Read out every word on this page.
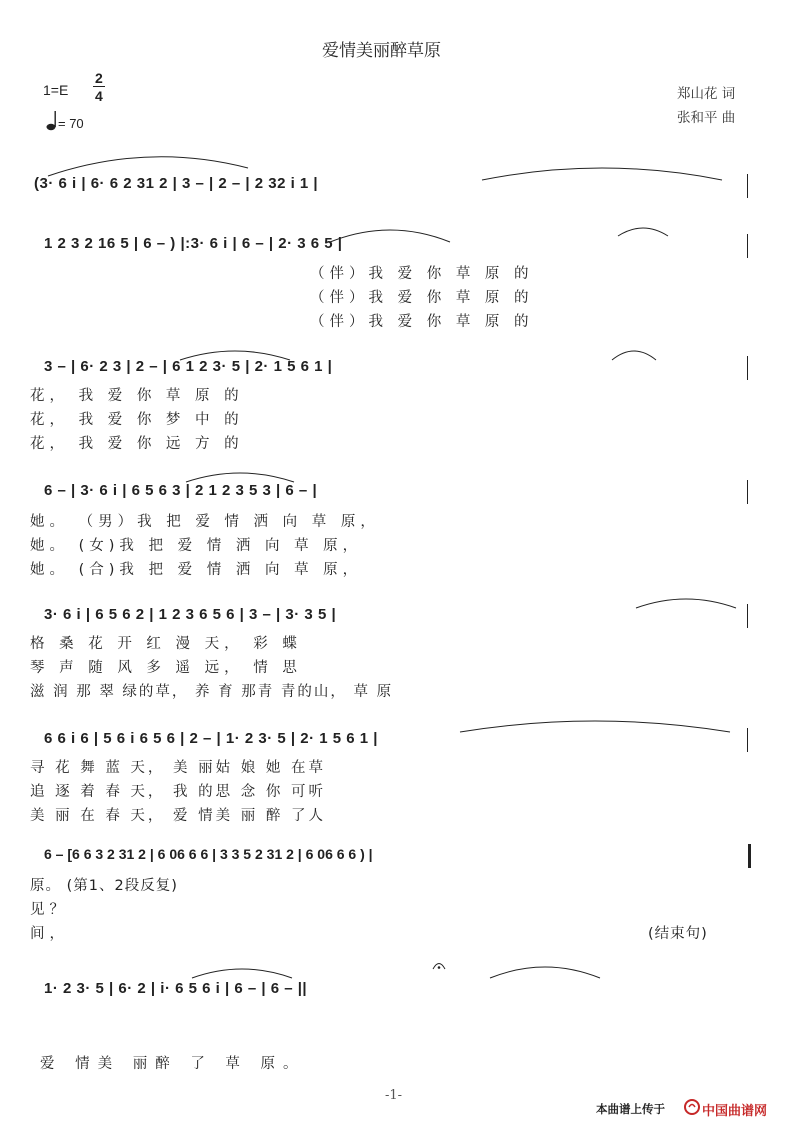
爱情美丽醉草原
1=E
2
4
= 70
郑山花 词
张和平 曲
(3· 6 i | 6· 6 2 31 2 | 3 – | 2 – | 2 32 i 1 |
1 2 3 2 16 5 | 6 – ) |:3· 6 i | 6 – | 2· 3 6 5 |
（伴）我 爱 你 草 原 的
（伴）我 爱 你 草 原 的
（伴）我 爱 你 草 原 的
3 – | 6· 2 3 | 2 – | 6 1 2 3· 5 | 2· 1 5 6 1 |
花， 我 爱 你 草 原 的
花， 我 爱 你 梦 中 的
花， 我 爱 你 远 方 的
6 – | 3· 6 i | 6 5 6 3 | 2 1 2 3 5 3 | 6 – |
她。 （男）我 把 爱 情 洒 向 草 原，
她。 (女)我 把 爱 情 洒 向 草 原，
她。 (合)我 把 爱 情 洒 向 草 原，
3· 6 i | 6 5 6 2 | 1 2 3 6 5 6 | 3 – | 3· 3 5 |
格 桑 花 开 红 漫 天， 彩 蝶
琴 声 随 风 多 遥 远， 情 思
滋 润 那 翠 绿的草， 养 育 那青 青的山， 草 原
6 6 i 6 | 5 6 i 6 5 6 | 2 – | 1· 2 3· 5 | 2· 1 5 6 1 |
寻 花 舞 蓝 天， 美 丽姑 娘 她 在草
追 逐 着 春 天， 我 的思 念 你 可听
美 丽 在 春 天， 爱 情美 丽 醉 了人
6 – [6 6 3 2 31 2 | 6 06 6 6 | 3 3 5 2 31 2 | 6 06 6 6 ) |
原。 (第1、2段反复)
见？
间，	(结束句)
1· 2 3· 5 | 6· 2 | i· 6 5 6 i | 6 – | 6 – ||
爱 情美 丽醉 了 草 原。
-1-
本曲谱上传于	中国曲谱网
